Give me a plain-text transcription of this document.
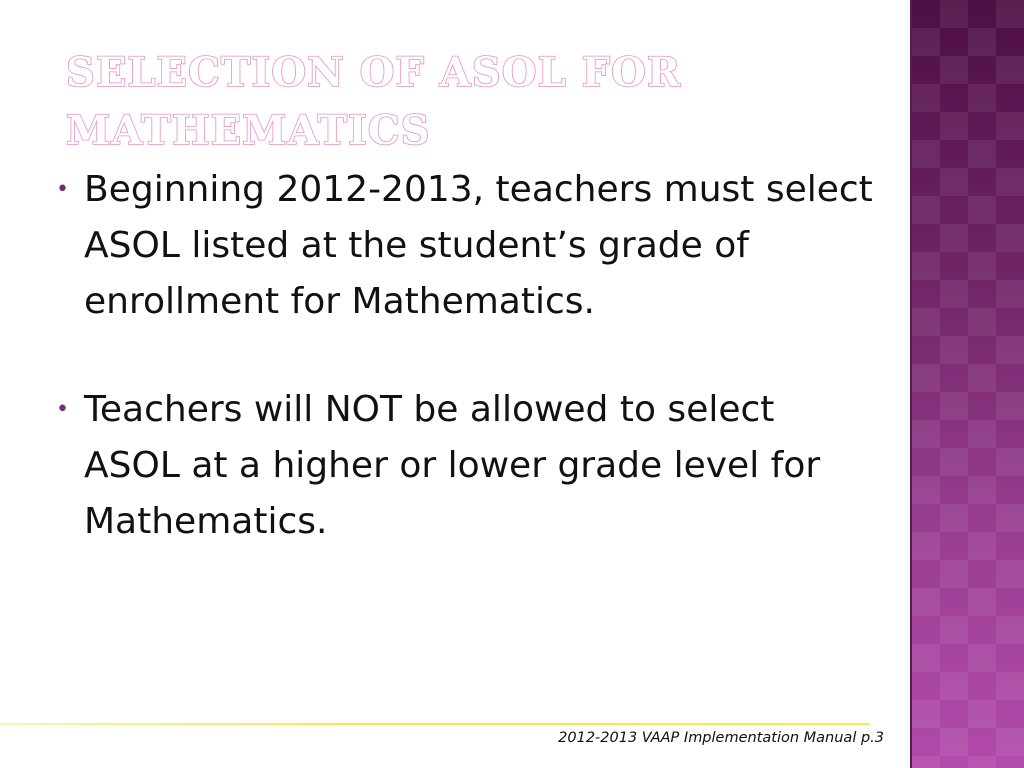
SELECTION OF ASOL FOR MATHEMATICS
• Beginning 2012-2013, teachers must select ASOL listed at the student’s grade of enrollment for Mathematics.
• Teachers will NOT be allowed to select ASOL at a higher or lower grade level for Mathematics.
2012-2013 VAAP Implementation Manual p.3
